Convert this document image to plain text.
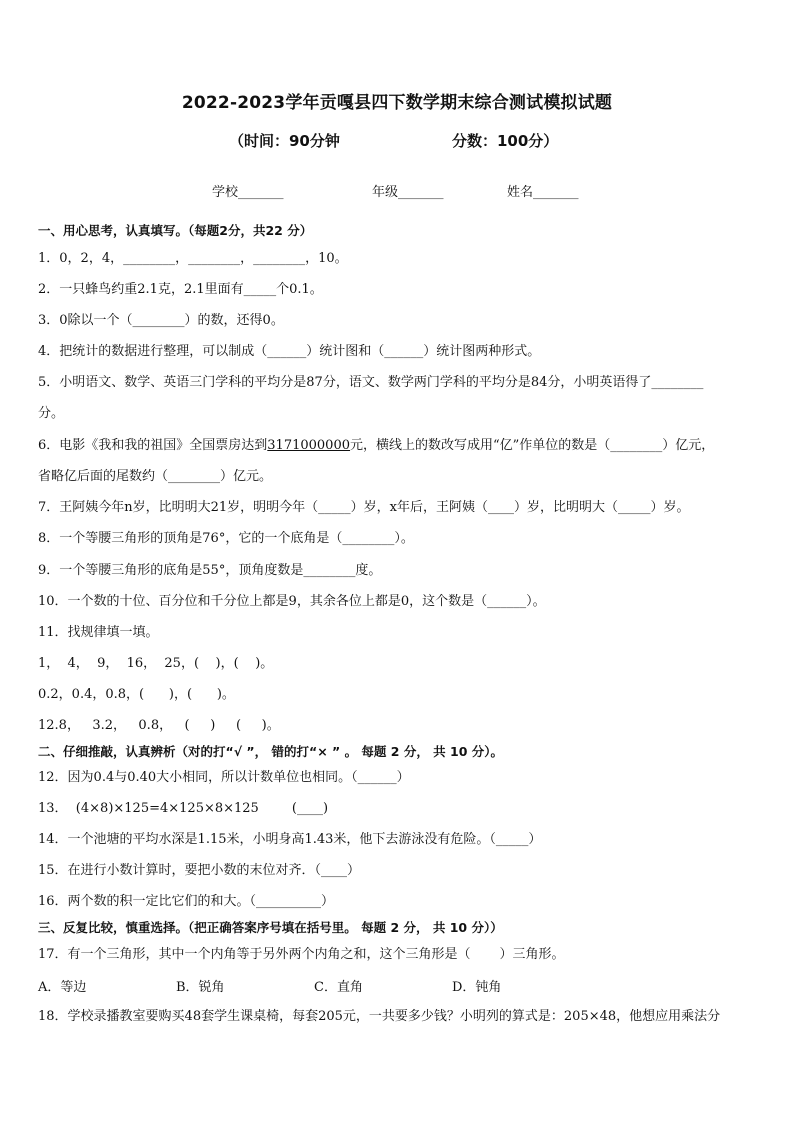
2022-2023学年贡嘎县四下数学期末综合测试模拟试题
（时间：90分钟	分数：100分）
学校_______	年级_______	姓名_______
一、用心思考，认真填写。（每题2分，共22 分）
1．0，2，4，________，________，________，10。
2．一只蜂鸟约重2.1克，2.1里面有_____个0.1。
3．0除以一个（________）的数，还得0。
4．把统计的数据进行整理，可以制成（______）统计图和（______）统计图两种形式。
5．小明语文、数学、英语三门学科的平均分是87分，语文、数学两门学科的平均分是84分，小明英语得了________
分。
6．电影《我和我的祖国》全国票房达到3171000000元，横线上的数改写成用“亿”作单位的数是（________）亿元，
省略亿后面的尾数约（________）亿元。
7．王阿姨今年n岁，比明明大21岁，明明今年（_____）岁，x年后，王阿姨（____）岁，比明明大（_____）岁。
8．一个等腰三角形的顶角是76°，它的一个底角是（________）。
9．一个等腰三角形的底角是55°，顶角度数是________度。
10．一个数的十位、百分位和千分位上都是9，其余各位上都是0，这个数是（______）。
11．找规律填一填。
1，  4，  9，  16，  25，(    )，(    )。
0.2，0.4，0.8，(      )，(      )。
12.8，   3.2，   0.8，   (     )     (     )。
二、仔细推敲，认真辨析（对的打“√ ”， 错的打“× ” 。 每题 2 分， 共 10 分）。
12．因为0.4与0.40大小相同，所以计数单位也相同。（______）
13．  (4×8)×125=4×125×8×125        (____)
14．一个池塘的平均水深是1.15米，小明身高1.43米，他下去游泳没有危险。（_____）
15．在进行小数计算时，要把小数的末位对齐．（____）
16．两个数的积一定比它们的和大。（__________）
三、反复比较，慎重选择。（把正确答案序号填在括号里。 每题 2 分， 共 10 分））
17．有一个三角形，其中一个内角等于另外两个内角之和，这个三角形是（       ）三角形。
A．等边	B．锐角	C．直角	D．钝角
18．学校录播教室要购买48套学生课桌椅，每套205元，一共要多少钱？小明列的算式是：205×48，他想应用乘法分
